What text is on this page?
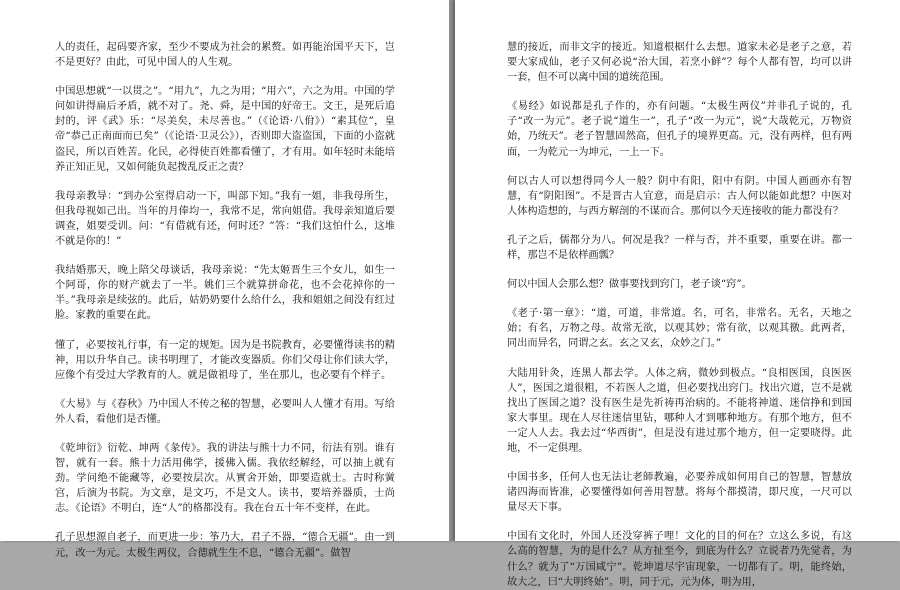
人的责任，起码要齐家，至少不要成为社会的累赘。如再能治国平天下，岂不是更好？由此，可见中国人的人生观。

中国思想就“一以贯之”。“用九”，九之为用；“用六”，六之为用。中国的学问如讲得扁后矛盾，就不对了。尧、舜，是中国的好帝王。文王，是死后追封的，评《武》乐：“尽美矣，未尽善也。”（《论语·八佾》）“素其位”，皇帝“恭己正南面而已矣”（《论语·卫灵公》），否则即大盗盗国，下面的小盗就盗民，所以百姓苦。化民，必得使百姓都看懂了，才有用。如年轻时未能培养正知正见，又如何能负起拨乱反正之责？

我母亲教导：“到办公室得启动一下，叫部下知。”我有一姐，非我母所生，但我母视如己出。当年的月俸均一，我常不足，常向姐借。我母亲知道后要调查，姐要受训。问：“有借就有还，何时还？”答：“我们这怕什么，这堆不就是你的！”

我结婚那天，晚上陪父母谈话，我母亲说：“先太姬晋生三个女儿，如生一个阿哥，你的财产就去了一半。姚们三个就算拼命花，也不会花掉你的一半。”我母亲是续弦的。此后，姑奶奶要什么给什么，我和姐姐之间没有红过脸。家教的重要在此。

懂了，必要按礼行事，有一定的规矩。因为是书院教育，必要懂得读书的精神，用以升华自己。读书明理了，才能改变器质。你们父母让你们读大学，应像个有受过大学教育的人。就是做祖母了，坐在那儿，也必要有个样子。

《大易》与《春秋》乃中国人不传之秘的智慧，必要叫人人懂才有用。写给外人看，看他们是否懂。

《乾坤衍》衍乾、坤两《彖传》。我的讲法与熊十力不同，衍法有别。谁有智，就有一套。熊十力活用佛学，援佛入儒。我依经解经，可以抽上就有劲。学问绝不能藏等，必要按层次。从實舍开始，即要造就士。古时称黉宫，后演为书院。为文章，是文巧，不是文人。读书，要培养器质，士尚志。《论语》不明白，连“人”的格都没有。我在台五十年不变样，在此。

孔子思想源自老子，而更进一步：筝乃大，君子不器，“德合无疆”。由一到元，改一为元。太极生两仪，合德就生生不息，“德合无疆”。做智

慧的接近，而非文字的接近。知道根椐什么去想。道家未必是老子之意，若要大家成仙，老子又何必说“治大国，若烹小鲜”？每个人都有智，均可以讲一套，但不可以离中国的道统范围。

《易经》如说都是孔子作的，亦有问题。“太极生两仪”并非孔子说的，孔子“改一为元”。老子说“道生一”，孔子“改一为元”，说“大哉乾元，万物资始，乃统天”。老子智慧固然高，但孔子的境界更高。元，没有两样，但有两面，一为乾元一为坤元，一上一下。

何以古人可以想得同今人一般？阴中有阳，阳中有阴。中国人画画亦有智慧，有“阴阳图”。不是晋古人宜意，而是启示：古人何以能如此想？中医对人体构造想的，与西方解剖的不谋而合。那何以今天连接收的能力都没有？

孔子之后，儒都分为八。何况是我？一样与否，并不重要，重要在讲。都一样，那岂不是依样画瓢？

何以中国人会那么想？做事要找到窍门，老子谈“窍”。

《老子·第一章》：“道，可道，非常道。名，可名，非常名。无名，天地之始；有名，万物之母。故常无欲，以观其妙；常有欲，以观其徼。此两者，同出而异名，同谓之玄。玄之又玄，众妙之门。”

大陆用针灸，连黑人都去学。人体之病，微妙到极点。“良相医国，良医医人”，医国之道很粗，不若医人之道，但必要找出窍门。找出穴道，岂不是就找出了医国之道？没有医生是先祈祷再治病的。不能将神道、迷信挣和到国家大事里。现在人尽往迷信里钻，哪种人才到哪种地方。有那个地方，但不一定人人去。我去过“华西街”，但是没有进过那个地方，但一定要晓得。此地，不一定俱理。

中国书多，任何人也无法让老師教遍，必要养成如何用自己的智慧，智慧放诸四海而皆准，必要懂得如何善用智慧。将每个都摸清，即尺度，一尺可以量尽天下事。

中国有文化时，外国人还没穿裤子哩！文化的目的何在？立这么多说，有这么高的智慧，为的是什么？从方扯至今，到底为什么？立说者乃先觉者，为什么？就为了“万国咸宁”。乾坤道尽宇宙现象，一切都有了。明，能终始，故大之，曰“大明终始”。明，同于元，元为体，明为用，
